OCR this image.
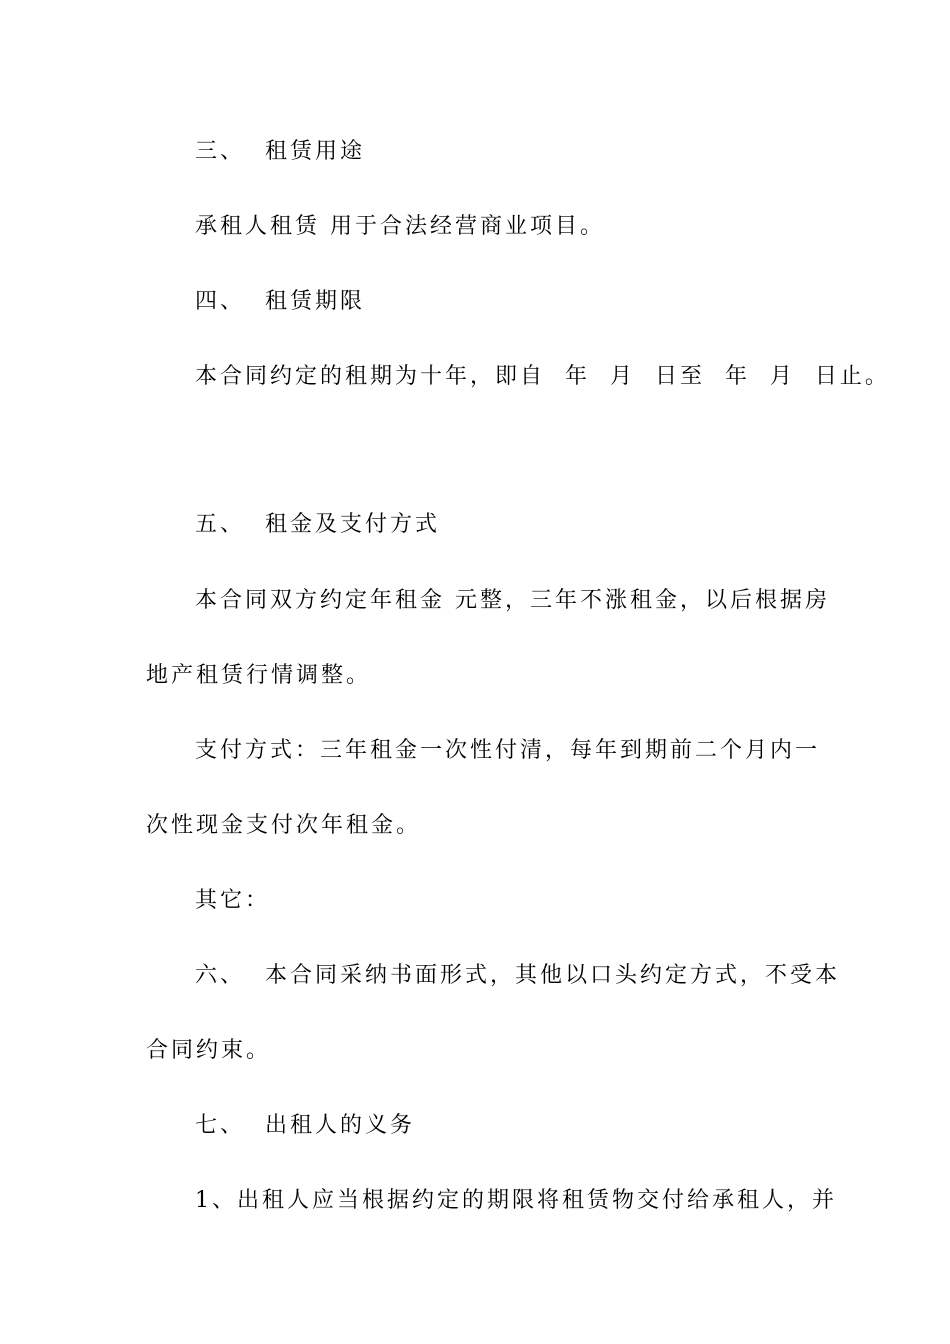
三、  租赁用途
承租人租赁 用于合法经营商业项目。
四、  租赁期限
本合同约定的租期为十年，即自  年  月  日至  年  月  日止。
五、  租金及支付方式
本合同双方约定年租金 元整，三年不涨租金，以后根据房
地产租赁行情调整。
支付方式：三年租金一次性付清，每年到期前二个月内一
次性现金支付次年租金。
其它：
六、  本合同采纳书面形式，其他以口头约定方式，不受本
合同约束。
七、  出租人的义务
1、出租人应当根据约定的期限将租赁物交付给承租人，并
